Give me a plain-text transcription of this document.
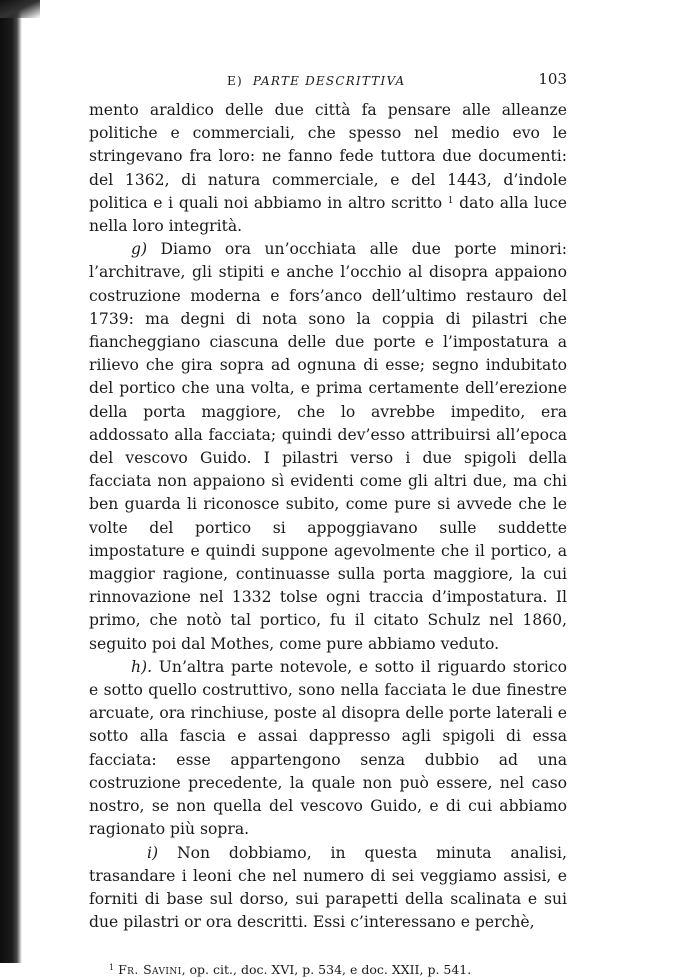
E) PARTE DESCRITTIVA	103

mento araldico delle due città fa pensare alle alleanze politiche e commerciali, che spesso nel medio evo le stringevano fra loro: ne fanno fede tuttora due documenti: del 1362, di natura commerciale, e del 1443, d’indole politica e i quali noi abbiamo in altro scritto $^1$ dato alla luce nella loro integrità.

g) Diamo ora un’occhiata alle due porte minori: l’architrave, gli stipiti e anche l’occhio al disopra appaiono costruzione moderna e fors’anco dell’ultimo restauro del 1739: ma degni di nota sono la coppia di pilastri che fiancheggiano ciascuna delle due porte e l’impostatura a rilievo che gira sopra ad ognuna di esse; segno indubitato del portico che una volta, e prima certamente dell’erezione della porta maggiore, che lo avrebbe impedito, era addossato alla facciata; quindi dev’esso attribuirsi all’epoca del vescovo Guido. I pilastri verso i due spigoli della facciata non appaiono sì evidenti come gli altri due, ma chi ben guarda li riconosce subito, come pure si avvede che le volte del portico si appoggiavano sulle suddette impostature e quindi suppone agevolmente che il portico, a maggior ragione, continuasse sulla porta maggiore, la cui rinnovazione nel 1332 tolse ogni traccia d’impostatura. Il primo, che notò tal portico, fu il citato Schulz nel 1860, seguito poi dal Mothes, come pure abbiamo veduto.

h). Un’altra parte notevole, e sotto il riguardo storico e sotto quello costruttivo, sono nella facciata le due finestre arcuate, ora rinchiuse, poste al disopra delle porte laterali e sotto alla fascia e assai dappresso agli spigoli di essa facciata: esse appartengono senza dubbio ad una costruzione precedente, la quale non può essere, nel caso nostro, se non quella del vescovo Guido, e di cui abbiamo ragionato più sopra.

i) Non dobbiamo, in questa minuta analisi, trasandare i leoni che nel numero di sei veggiamo assisi, e forniti di base sul dorso, sui parapetti della scalinata e sui due pilastri or ora descritti. Essi c’interessano e perchè,

$^1$ Fr. Savini, op. cit., doc. XVI, p. 534, e doc. XXII, p. 541.
